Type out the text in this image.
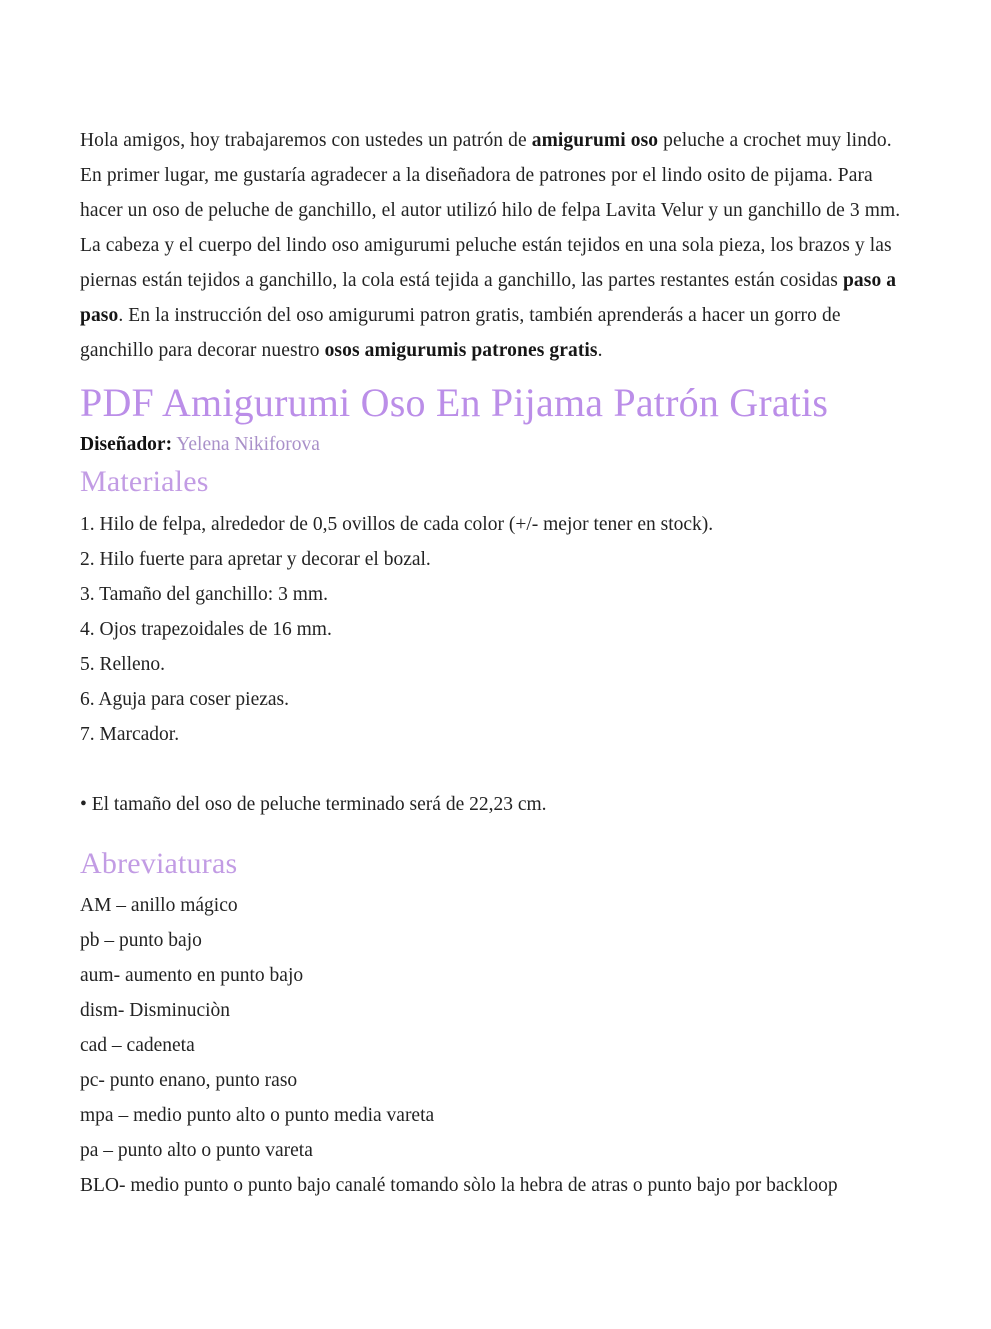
Hola amigos, hoy trabajaremos con ustedes un patrón de amigurumi oso peluche a crochet muy lindo. En primer lugar, me gustaría agradecer a la diseñadora de patrones por el lindo osito de pijama. Para hacer un oso de peluche de ganchillo, el autor utilizó hilo de felpa Lavita Velur y un ganchillo de 3 mm. La cabeza y el cuerpo del lindo oso amigurumi peluche están tejidos en una sola pieza, los brazos y las piernas están tejidos a ganchillo, la cola está tejida a ganchillo, las partes restantes están cosidas paso a paso. En la instrucción del oso amigurumi patron gratis, también aprenderás a hacer un gorro de ganchillo para decorar nuestro osos amigurumis patrones gratis.

PDF Amigurumi Oso En Pijama Patrón Gratis

Diseñador: Yelena Nikiforova

Materiales
1. Hilo de felpa, alrededor de 0,5 ovillos de cada color (+/- mejor tener en stock).
2. Hilo fuerte para apretar y decorar el bozal.
3. Tamaño del ganchillo: 3 mm.
4. Ojos trapezoidales de 16 mm.
5. Relleno.
6. Aguja para coser piezas.
7. Marcador.

• El tamaño del oso de peluche terminado será de 22,23 cm.

Abreviaturas
AM – anillo mágico
pb – punto bajo
aum- aumento en punto bajo
dism- Disminuciòn
cad – cadeneta
pc- punto enano, punto raso
mpa – medio punto alto o punto media vareta
pa – punto alto o punto vareta
BLO- medio punto o punto bajo canalé tomando sòlo la hebra de atras o punto bajo por backloop
